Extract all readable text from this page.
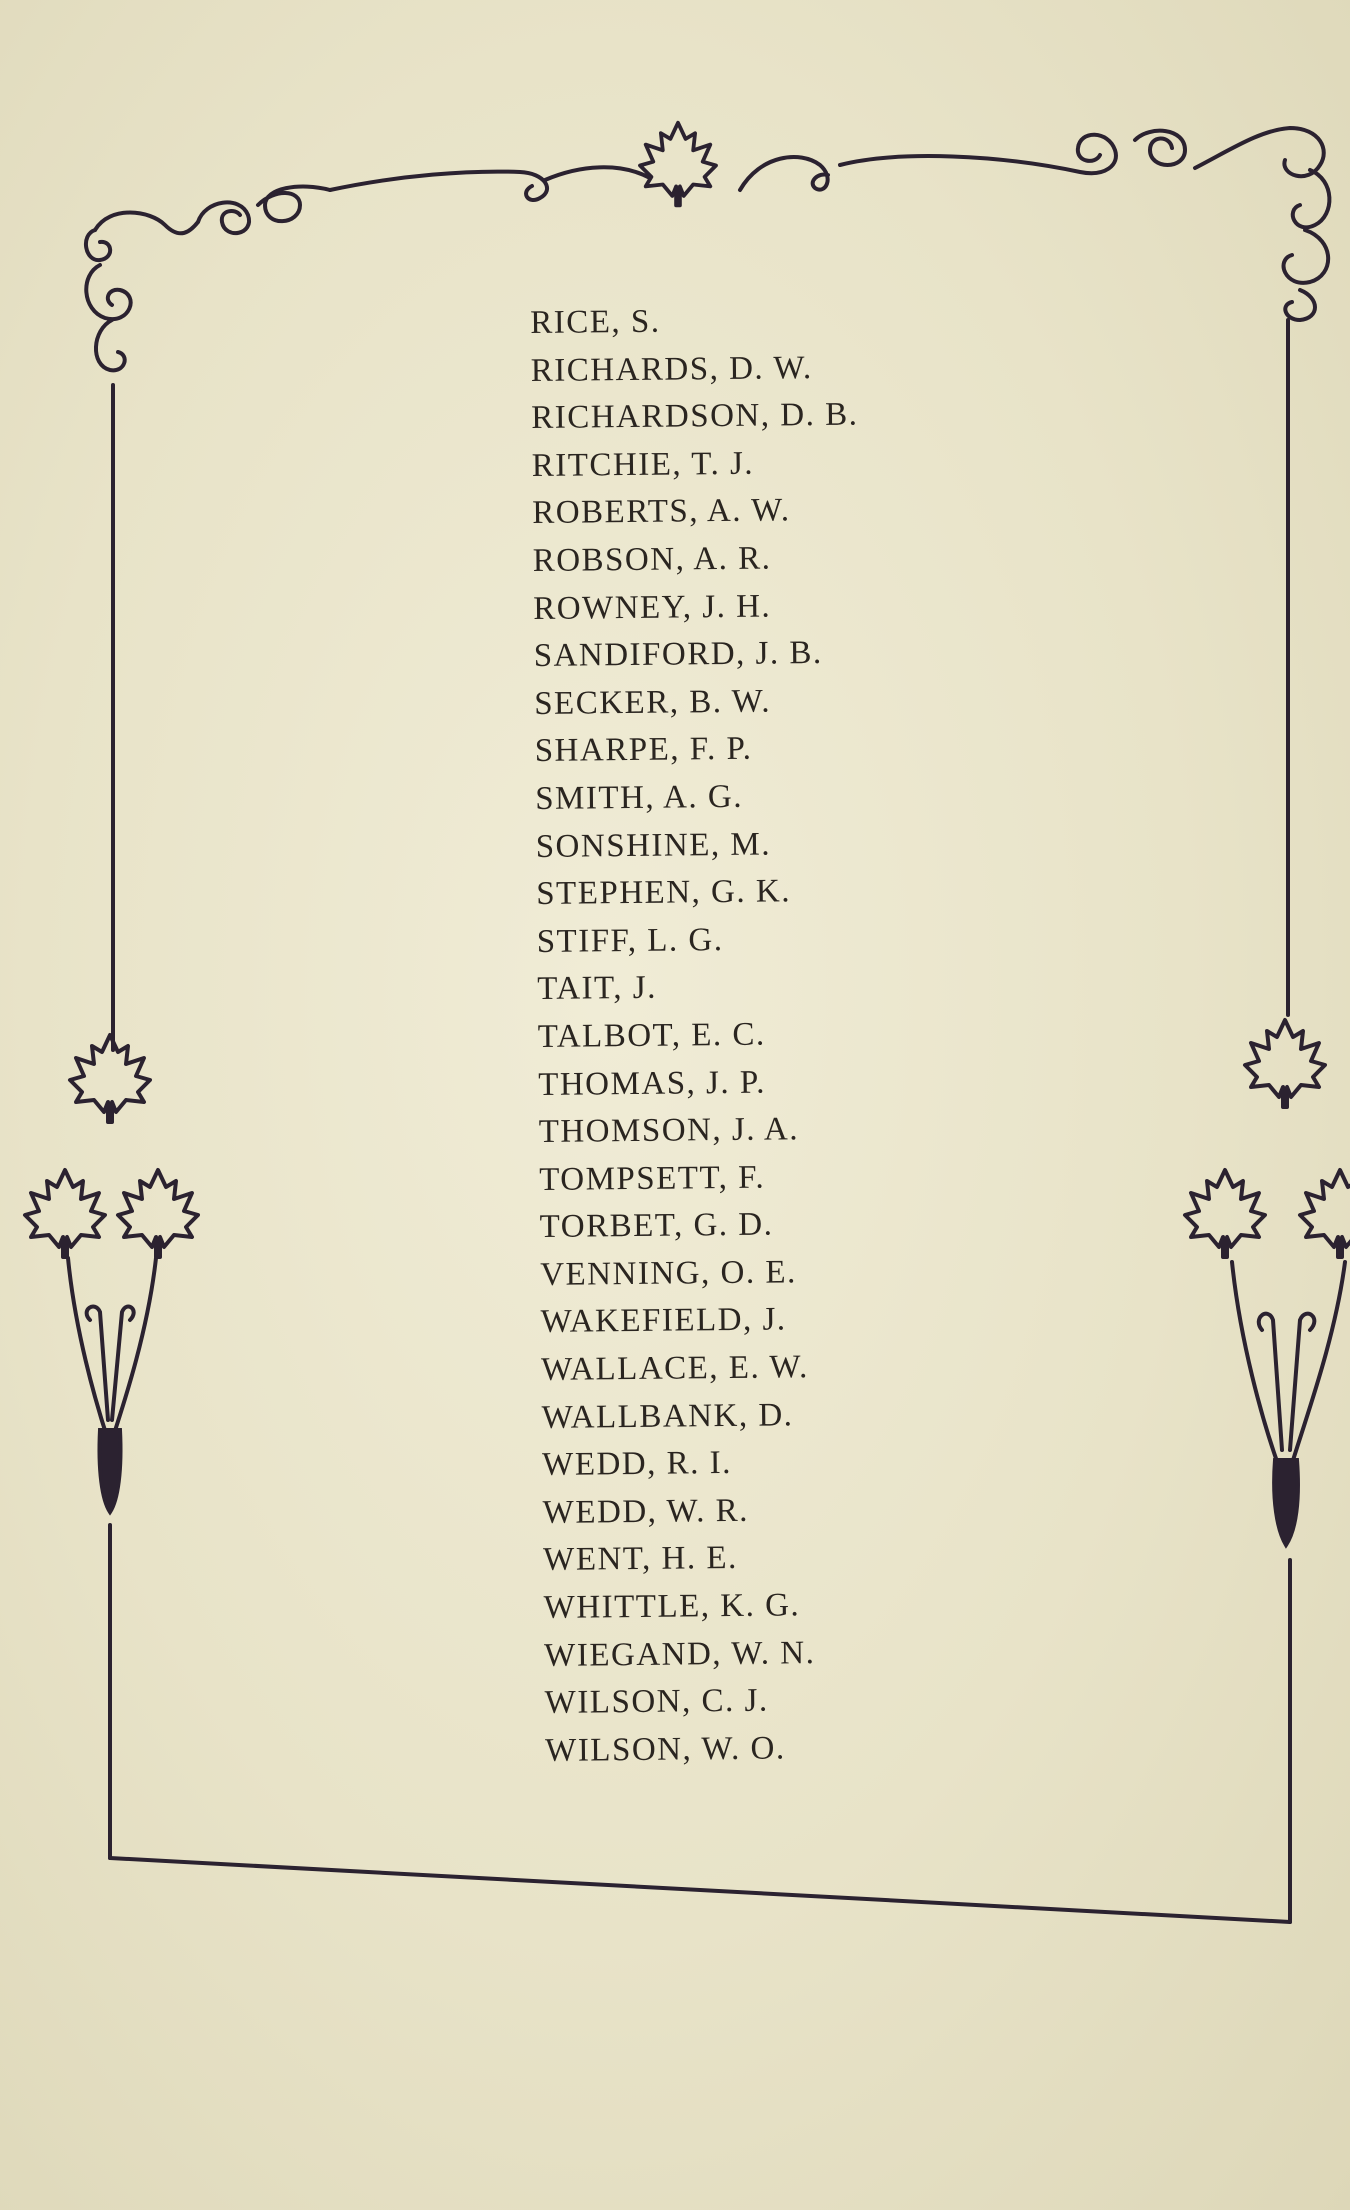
RICE, S.
RICHARDS, D. W.
RICHARDSON, D. B.
RITCHIE, T. J.
ROBERTS, A. W.
ROBSON, A. R.
ROWNEY, J. H.
SANDIFORD, J. B.
SECKER, B. W.
SHARPE, F. P.
SMITH, A. G.
SONSHINE, M.
STEPHEN, G. K.
STIFF, L. G.
TAIT, J.
TALBOT, E. C.
THOMAS, J. P.
THOMSON, J. A.
TOMPSETT, F.
TORBET, G. D.
VENNING, O. E.
WAKEFIELD, J.
WALLACE, E. W.
WALLBANK, D.
WEDD, R. I.
WEDD, W. R.
WENT, H. E.
WHITTLE, K. G.
WIEGAND, W. N.
WILSON, C. J.
WILSON, W. O.
